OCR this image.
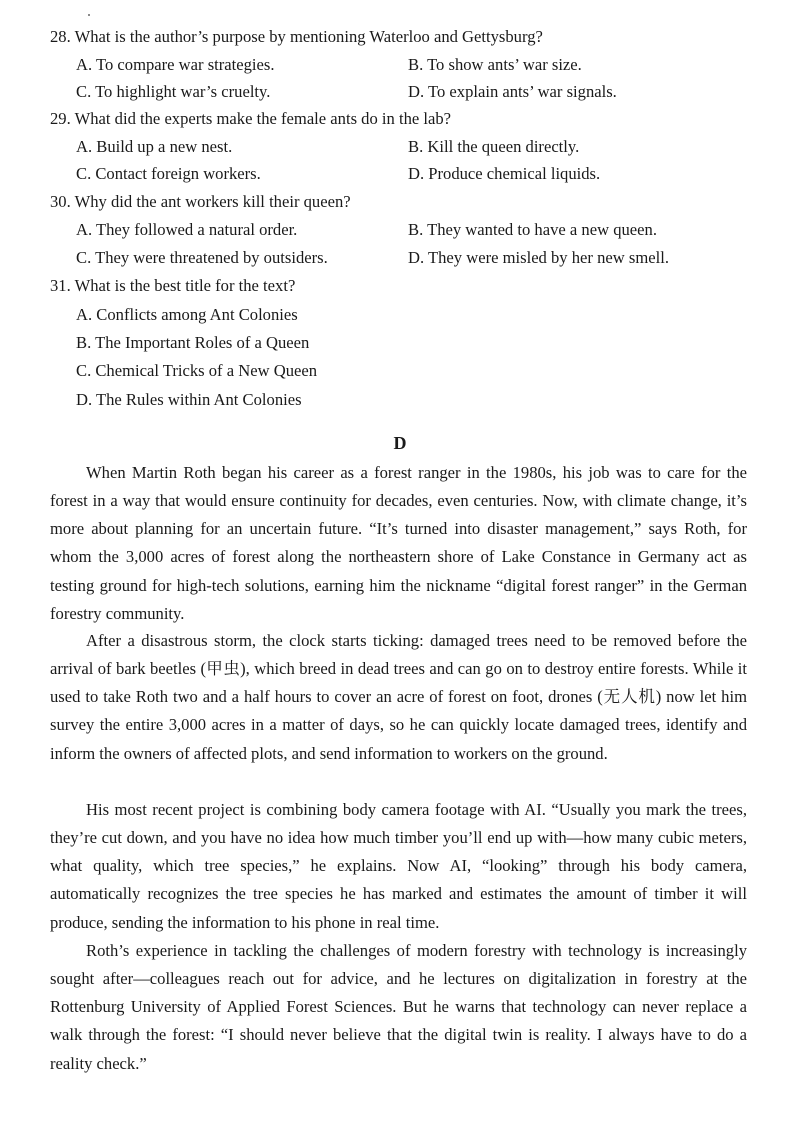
28. What is the author’s purpose by mentioning Waterloo and Gettysburg?
A. To compare war strategies.	B. To show ants’ war size.
C. To highlight war’s cruelty.	D. To explain ants’ war signals.
29. What did the experts make the female ants do in the lab?
A. Build up a new nest.	B. Kill the queen directly.
C. Contact foreign workers.	D. Produce chemical liquids.
30. Why did the ant workers kill their queen?
A. They followed a natural order.	B. They wanted to have a new queen.
C. They were threatened by outsiders.	D. They were misled by her new smell.
31. What is the best title for the text?
A. Conflicts among Ant Colonies
B. The Important Roles of a Queen
C. Chemical Tricks of a New Queen
D. The Rules within Ant Colonies
D
When Martin Roth began his career as a forest ranger in the 1980s, his job was to care for the forest in a way that would ensure continuity for decades, even centuries. Now, with climate change, it’s more about planning for an uncertain future. “It’s turned into disaster management,” says Roth, for whom the 3,000 acres of forest along the northeastern shore of Lake Constance in Germany act as testing ground for high-tech solutions, earning him the nickname “digital forest ranger” in the German forestry community.
After a disastrous storm, the clock starts ticking: damaged trees need to be removed before the arrival of bark beetles (甲虫), which breed in dead trees and can go on to destroy entire forests. While it used to take Roth two and a half hours to cover an acre of forest on foot, drones (无人机) now let him survey the entire 3,000 acres in a matter of days, so he can quickly locate damaged trees, identify and inform the owners of affected plots, and send information to workers on the ground.
His most recent project is combining body camera footage with AI. “Usually you mark the trees, they’re cut down, and you have no idea how much timber you’ll end up with—how many cubic meters, what quality, which tree species,” he explains. Now AI, “looking” through his body camera, automatically recognizes the tree species he has marked and estimates the amount of timber it will produce, sending the information to his phone in real time.
Roth’s experience in tackling the challenges of modern forestry with technology is increasingly sought after—colleagues reach out for advice, and he lectures on digitalization in forestry at the Rottenburg University of Applied Forest Sciences. But he warns that technology can never replace a walk through the forest: “I should never believe that the digital twin is reality. I always have to do a reality check.”
